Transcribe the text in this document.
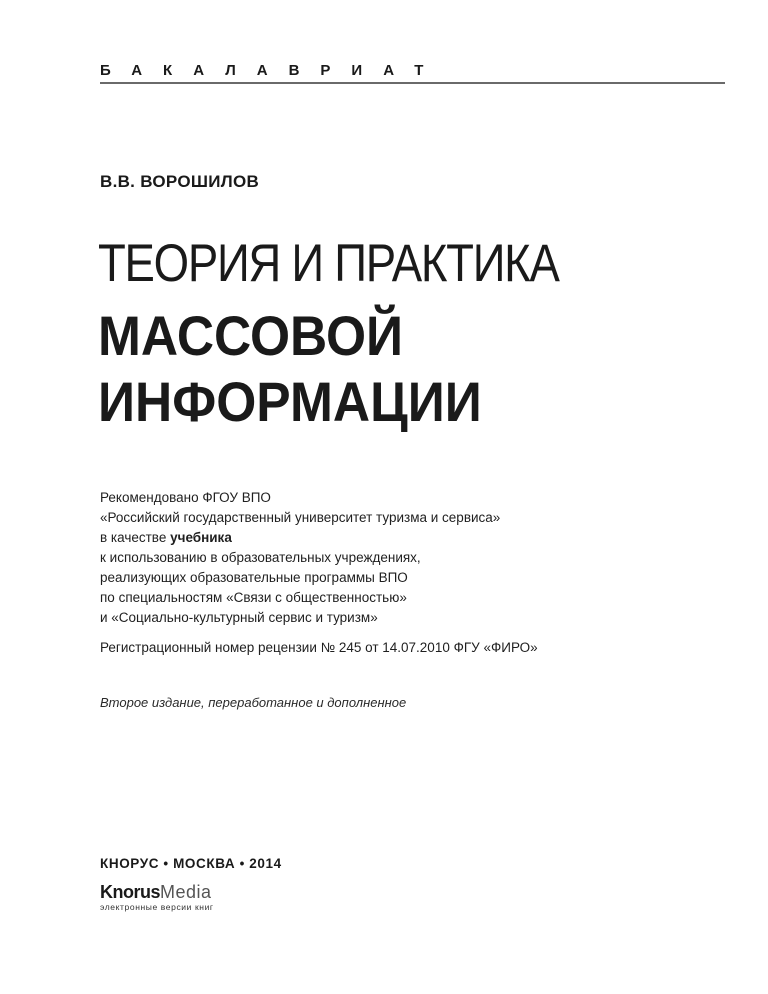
БАКАЛАВРИАТ
В.В. ВОРОШИЛОВ
ТЕОРИЯ И ПРАКТИКА
МАССОВОЙ
ИНФОРМАЦИИ
Рекомендовано ФГОУ ВПО
«Российский государственный университет туризма и сервиса»
в качестве учебника
к использованию в образовательных учреждениях,
реализующих образовательные программы ВПО
по специальностям «Связи с общественностью»
и «Социально-культурный сервис и туризм»
Регистрационный номер рецензии № 245 от 14.07.2010 ФГУ «ФИРО»
Второе издание, переработанное и дополненное
КНОРУС • МОСКВА • 2014
KnorusMedia
электронные версии книг
